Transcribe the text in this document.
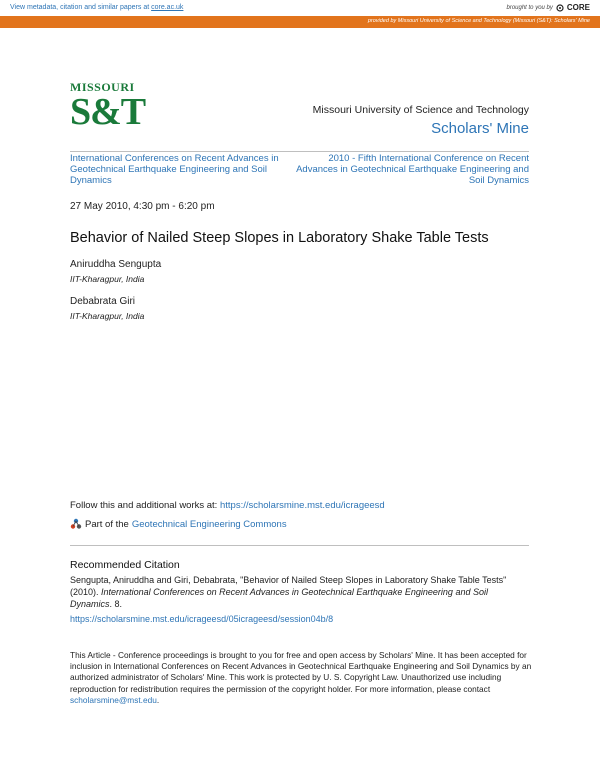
View metadata, citation and similar papers at core.ac.uk	brought to you by CORE
provided by Missouri University of Science and Technology (Missouri (S&T): Scholars' Mine
MISSOURI
S&T	Missouri University of Science and Technology
Scholars' Mine
International Conferences on Recent Advances in Geotechnical Earthquake Engineering and Soil Dynamics
2010 - Fifth International Conference on Recent Advances in Geotechnical Earthquake Engineering and Soil Dynamics
27 May 2010, 4:30 pm - 6:20 pm
Behavior of Nailed Steep Slopes in Laboratory Shake Table Tests
Aniruddha Sengupta
IIT-Kharagpur, India
Debabrata Giri
IIT-Kharagpur, India
Follow this and additional works at: https://scholarsmine.mst.edu/icrageesd
Part of the Geotechnical Engineering Commons
Recommended Citation
Sengupta, Aniruddha and Giri, Debabrata, "Behavior of Nailed Steep Slopes in Laboratory Shake Table Tests" (2010). International Conferences on Recent Advances in Geotechnical Earthquake Engineering and Soil Dynamics. 8.
https://scholarsmine.mst.edu/icrageesd/05icrageesd/session04b/8
This Article - Conference proceedings is brought to you for free and open access by Scholars' Mine. It has been accepted for inclusion in International Conferences on Recent Advances in Geotechnical Earthquake Engineering and Soil Dynamics by an authorized administrator of Scholars' Mine. This work is protected by U. S. Copyright Law. Unauthorized use including reproduction for redistribution requires the permission of the copyright holder. For more information, please contact scholarsmine@mst.edu.
